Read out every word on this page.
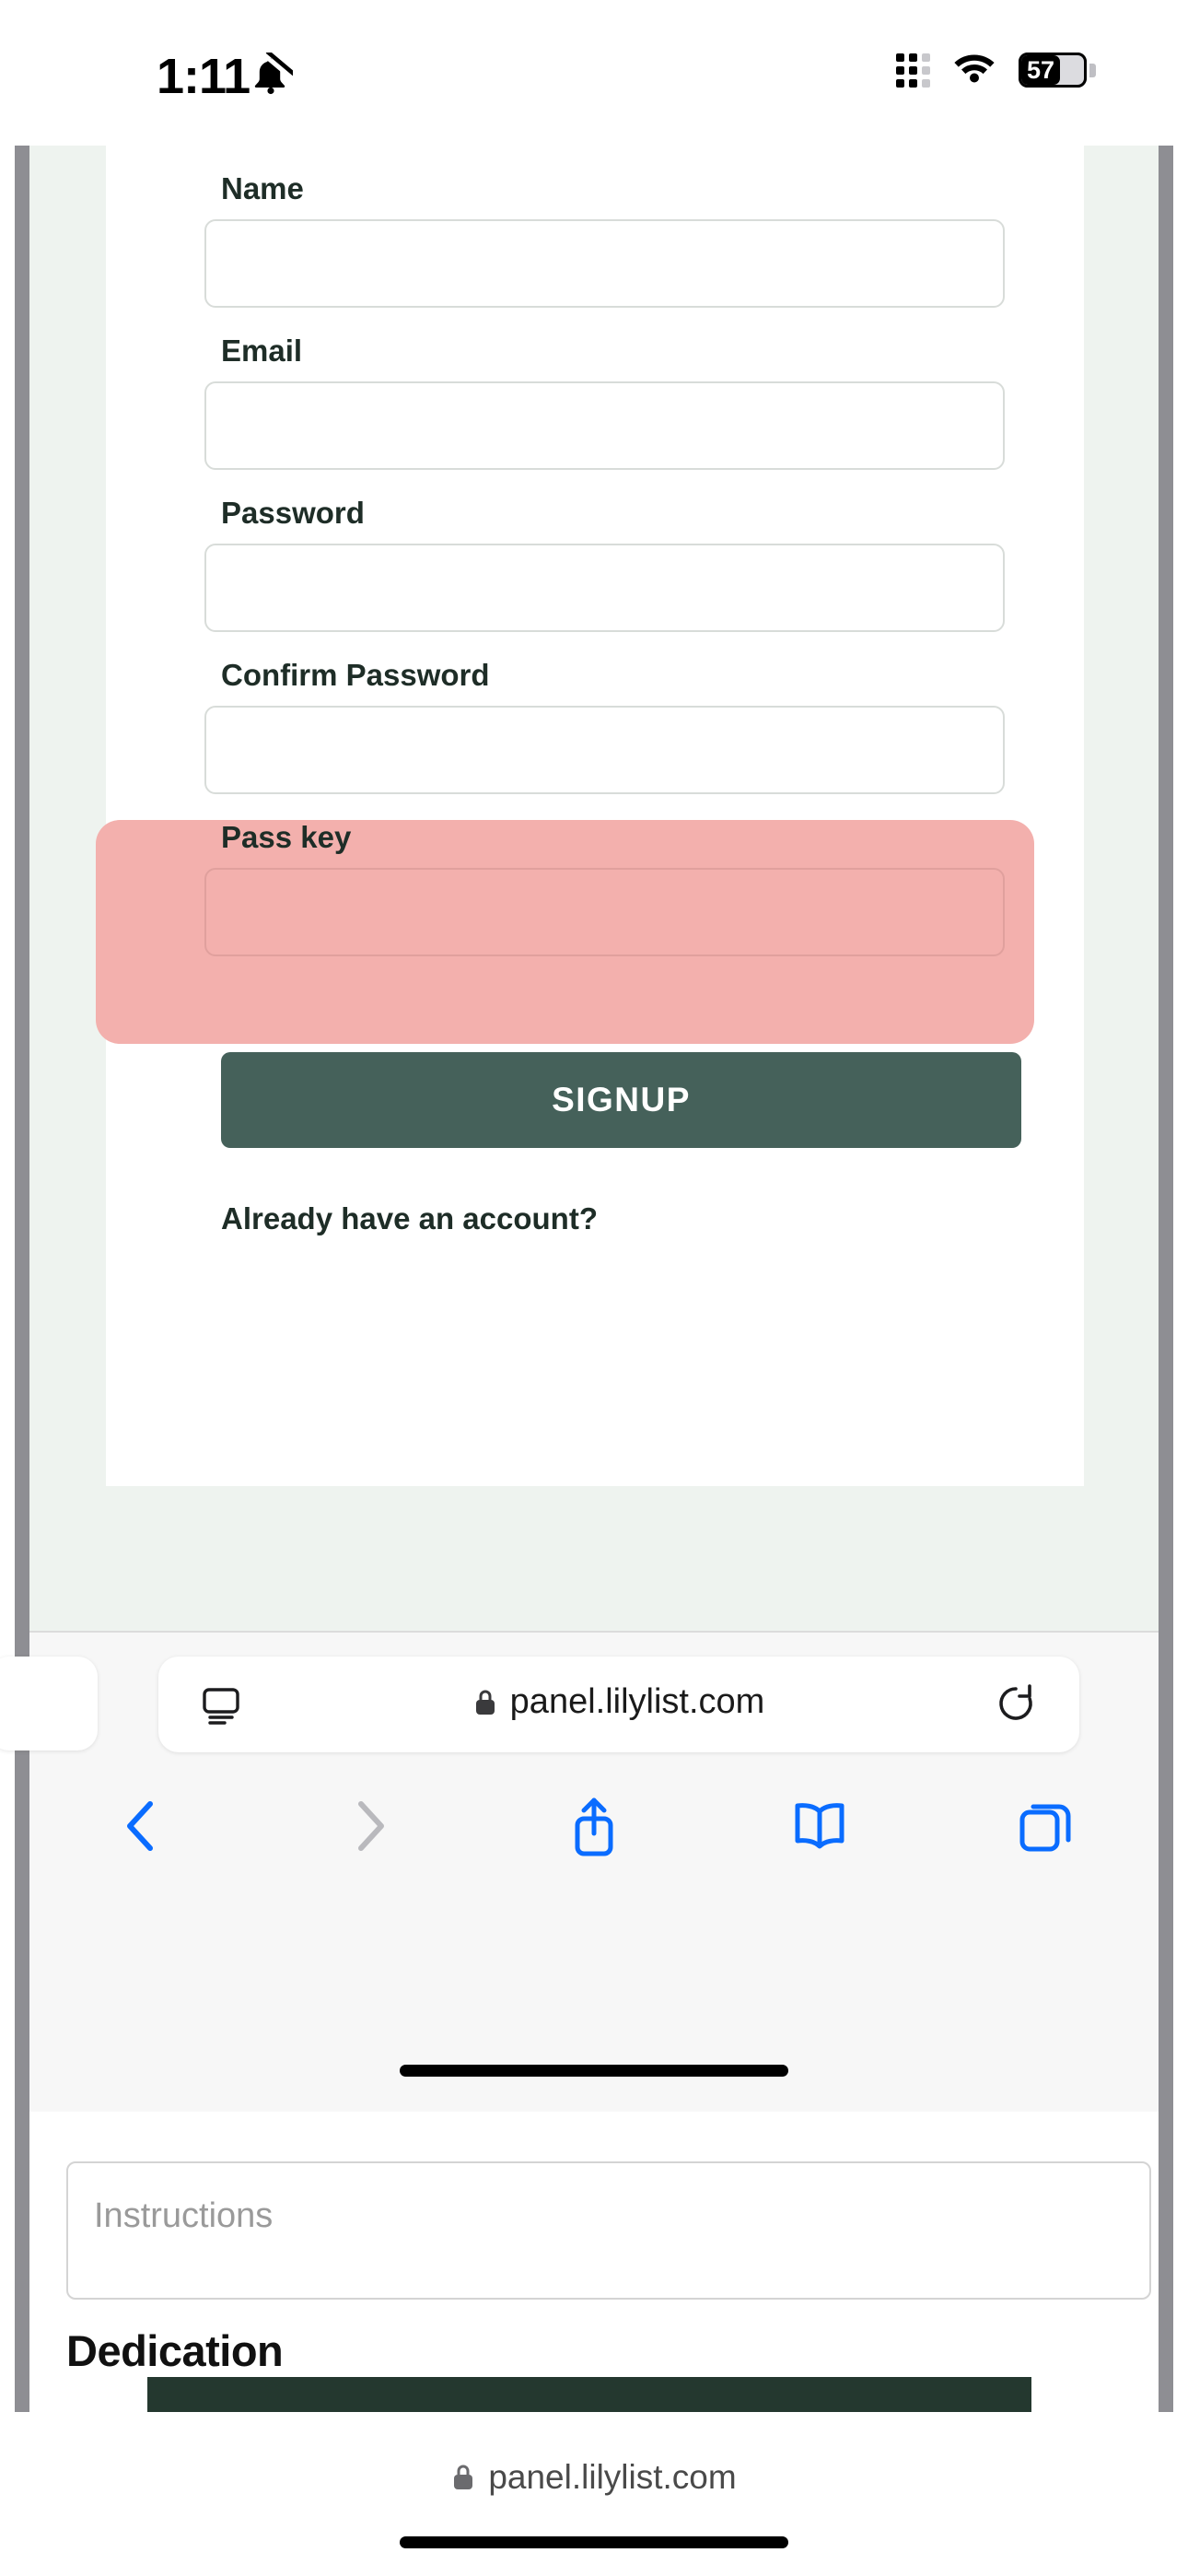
1:11	57
Name
Email
Password
Confirm Password
Pass key
SIGNUP
Already have an account?
panel.lilylist.com
Instructions
Dedication
panel.lilylist.com
